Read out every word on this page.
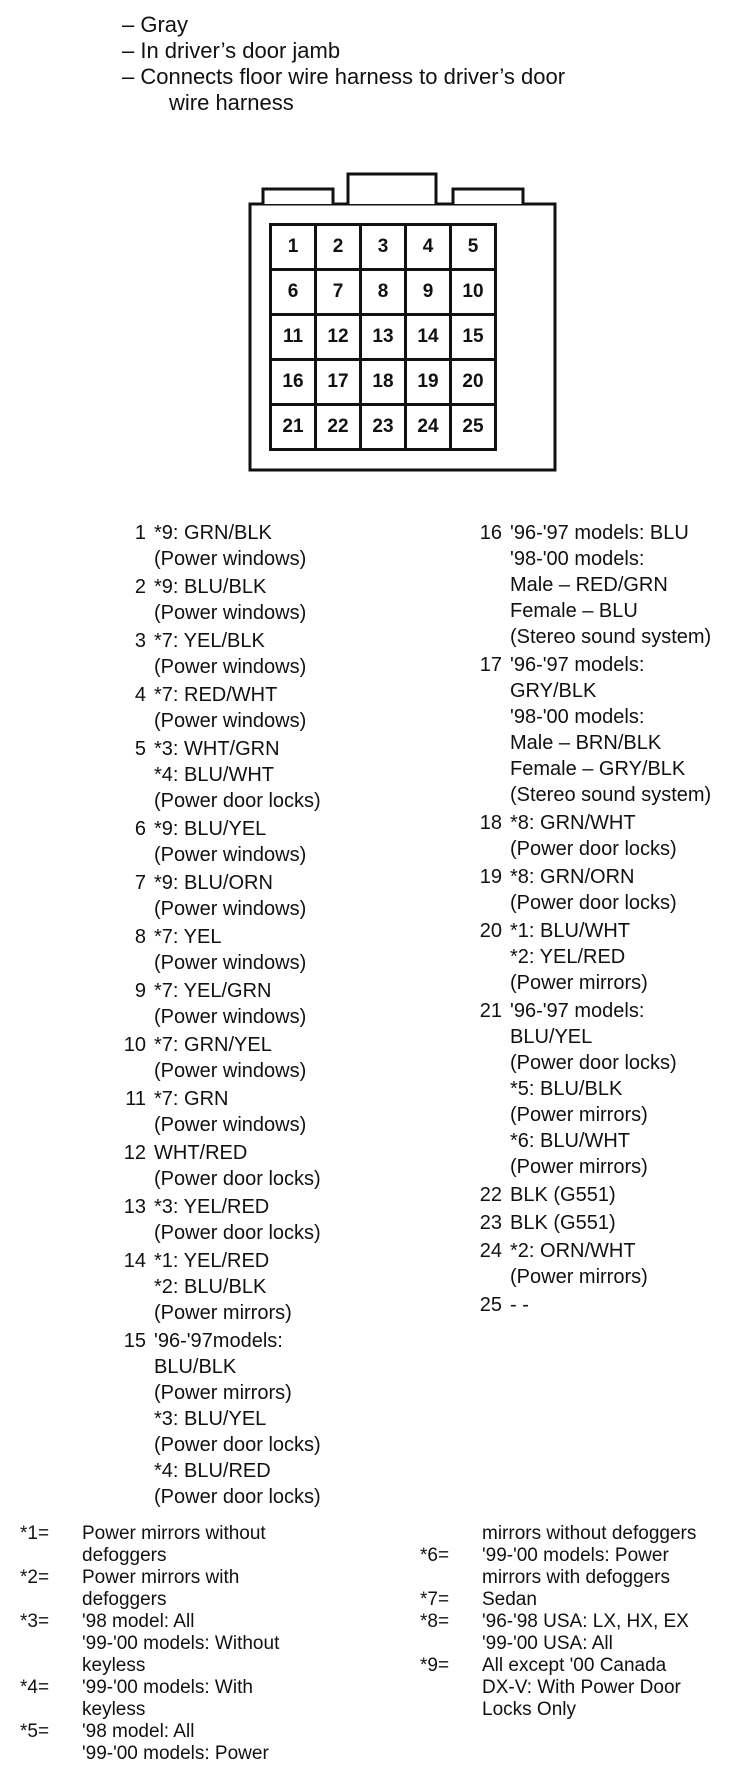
– Gray
– In driver’s door jamb
– Connects floor wire harness to driver’s door
wire harness
1	2	3	4	5
6	7	8	9	10
11	12	13	14	15
16	17	18	19	20
21	22	23	24	25
1 *9: GRN/BLK
(Power windows)
2 *9: BLU/BLK
(Power windows)
3 *7: YEL/BLK
(Power windows)
4 *7: RED/WHT
(Power windows)
5 *3: WHT/GRN
*4: BLU/WHT
(Power door locks)
6 *9: BLU/YEL
(Power windows)
7 *9: BLU/ORN
(Power windows)
8 *7: YEL
(Power windows)
9 *7: YEL/GRN
(Power windows)
10 *7: GRN/YEL
(Power windows)
11 *7: GRN
(Power windows)
12 WHT/RED
(Power door locks)
13 *3: YEL/RED
(Power door locks)
14 *1: YEL/RED
*2: BLU/BLK
(Power mirrors)
15 '96-'97models:
BLU/BLK
(Power mirrors)
*3: BLU/YEL
(Power door locks)
*4: BLU/RED
(Power door locks)
16 '96-'97 models: BLU
'98-'00 models:
Male – RED/GRN
Female – BLU
(Stereo sound system)
17 '96-'97 models:
GRY/BLK
'98-'00 models:
Male – BRN/BLK
Female – GRY/BLK
(Stereo sound system)
18 *8: GRN/WHT
(Power door locks)
19 *8: GRN/ORN
(Power door locks)
20 *1: BLU/WHT
*2: YEL/RED
(Power mirrors)
21 '96-'97 models:
BLU/YEL
(Power door locks)
*5: BLU/BLK
(Power mirrors)
*6: BLU/WHT
(Power mirrors)
22 BLK (G551)
23 BLK (G551)
24 *2: ORN/WHT
(Power mirrors)
25 - -
*1=	Power mirrors without
defoggers
*2=	Power mirrors with
defoggers
*3=	'98 model: All
'99-'00 models: Without
keyless
*4=	'99-'00 models: With
keyless
*5=	'98 model: All
'99-'00 models: Power
mirrors without defoggers
*6=	'99-'00 models: Power
mirrors with defoggers
*7=	Sedan
*8=	'96-'98 USA: LX, HX, EX
'99-'00 USA: All
*9=	All except '00 Canada
DX-V: With Power Door
Locks Only
